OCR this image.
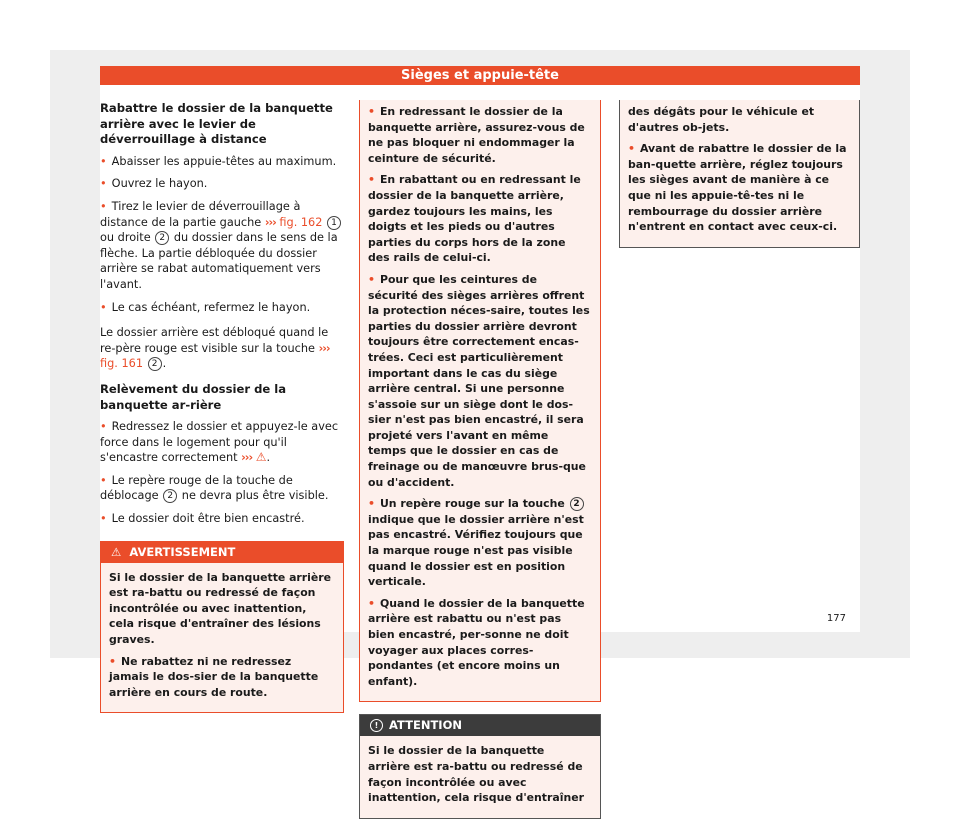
Sièges et appuie-tête

Rabattre le dossier de la banquette arrière avec le levier de déverrouillage à distance

• Abaisser les appuie-têtes au maximum.

• Ouvrez le hayon.

• Tirez le levier de déverrouillage à distance de la partie gauche ››› fig. 162 1 ou droite 2 du dossier dans le sens de la flèche. La partie débloquée du dossier arrière se rabat automatiquement vers l'avant.

• Le cas échéant, refermez le hayon.

Le dossier arrière est débloqué quand le re-père rouge est visible sur la touche ››› fig. 161 2 .

Relèvement du dossier de la banquette ar-rière

• Redressez le dossier et appuyez-le avec force dans le logement pour qu'il s'encastre correctement ››› ⚠.

• Le repère rouge de la touche de déblocage 2 ne devra plus être visible.

• Le dossier doit être bien encastré.

⚠ AVERTISSEMENT

Si le dossier de la banquette arrière est ra-battu ou redressé de façon incontrôlée ou avec inattention, cela risque d'entraîner des lésions graves.

• Ne rabattez ni ne redressez jamais le dos-sier de la banquette arrière en cours de route.

• En redressant le dossier de la banquette arrière, assurez-vous de ne pas bloquer ni endommager la ceinture de sécurité.

• En rabattant ou en redressant le dossier de la banquette arrière, gardez toujours les mains, les doigts et les pieds ou d'autres parties du corps hors de la zone des rails de celui-ci.

• Pour que les ceintures de sécurité des sièges arrières offrent la protection néces-saire, toutes les parties du dossier arrière devront toujours être correctement encas-trées. Ceci est particulièrement important dans le cas du siège arrière central. Si une personne s'assoie sur un siège dont le dos-sier n'est pas bien encastré, il sera projeté vers l'avant en même temps que le dossier en cas de freinage ou de manœuvre brus-que ou d'accident.

• Un repère rouge sur la touche 2 indique que le dossier arrière n'est pas encastré. Vérifiez toujours que la marque rouge n'est pas visible quand le dossier est en position verticale.

• Quand le dossier de la banquette arrière est rabattu ou n'est pas bien encastré, per-sonne ne doit voyager aux places corres-pondantes (et encore moins un enfant).

! ATTENTION

Si le dossier de la banquette arrière est ra-battu ou redressé de façon incontrôlée ou avec inattention, cela risque d'entraîner

des dégâts pour le véhicule et d'autres ob-jets.

• Avant de rabattre le dossier de la ban-quette arrière, réglez toujours les sièges avant de manière à ce que ni les appuie-tê-tes ni le rembourrage du dossier arrière n'entrent en contact avec ceux-ci.

177
